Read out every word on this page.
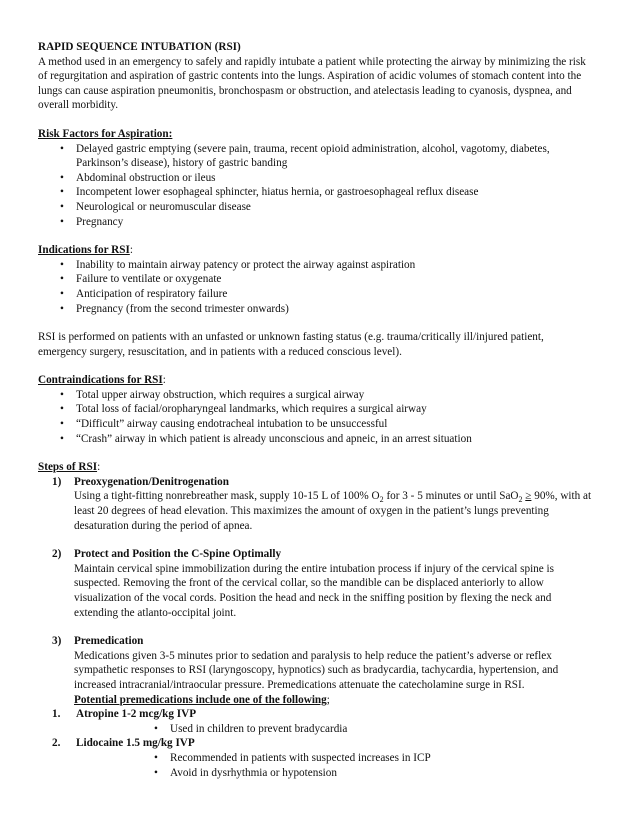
RAPID SEQUENCE INTUBATION (RSI)

A method used in an emergency to safely and rapidly intubate a patient while protecting the airway by minimizing the risk of regurgitation and aspiration of gastric contents into the lungs. Aspiration of acidic volumes of stomach content into the lungs can cause aspiration pneumonitis, bronchospasm or obstruction, and atelectasis leading to cyanosis, dyspnea, and overall morbidity.

Risk Factors for Aspiration:
• Delayed gastric emptying (severe pain, trauma, recent opioid administration, alcohol, vagotomy, diabetes, Parkinson’s disease), history of gastric banding
• Abdominal obstruction or ileus
• Incompetent lower esophageal sphincter, hiatus hernia, or gastroesophageal reflux disease
• Neurological or neuromuscular disease
• Pregnancy
Indications for RSI:
• Inability to maintain airway patency or protect the airway against aspiration
• Failure to ventilate or oxygenate
• Anticipation of respiratory failure
• Pregnancy (from the second trimester onwards)

RSI is performed on patients with an unfasted or unknown fasting status (e.g. trauma/critically ill/injured patient, emergency surgery, resuscitation, and in patients with a reduced conscious level).

Contraindications for RSI:
• Total upper airway obstruction, which requires a surgical airway
• Total loss of facial/oropharyngeal landmarks, which requires a surgical airway
• “Difficult” airway causing endotracheal intubation to be unsuccessful
• “Crash” airway in which patient is already unconscious and apneic, in an arrest situation
Steps of RSI:
1) Preoxygenation/Denitrogenation
Using a tight-fitting nonrebreather mask, supply 10-15 L of 100% $O_2$ for 3 - 5 minutes or until SaO$_2$ ≥ 90%, with at least 20 degrees of head elevation. This maximizes the amount of oxygen in the patient’s lungs preventing desaturation during the period of apnea.
2) Protect and Position the C-Spine Optimally
Maintain cervical spine immobilization during the entire intubation process if injury of the cervical spine is suspected. Removing the front of the cervical collar, so the mandible can be displaced anteriorly to allow visualization of the vocal cords. Position the head and neck in the sniffing position by flexing the neck and extending the atlanto-occipital joint.
3) Premedication
Medications given 3-5 minutes prior to sedation and paralysis to help reduce the patient’s adverse or reflex sympathetic responses to RSI (laryngoscopy, hypnotics) such as bradycardia, tachycardia, hypertension, and increased intracranial/intraocular pressure. Premedications attenuate the catecholamine surge in RSI.
Potential premedications include one of the following;
1. Atropine 1-2 mcg/kg IVP
• Used in children to prevent bradycardia
2. Lidocaine 1.5 mg/kg IVP
• Recommended in patients with suspected increases in ICP
• Avoid in dysrhythmia or hypotension
